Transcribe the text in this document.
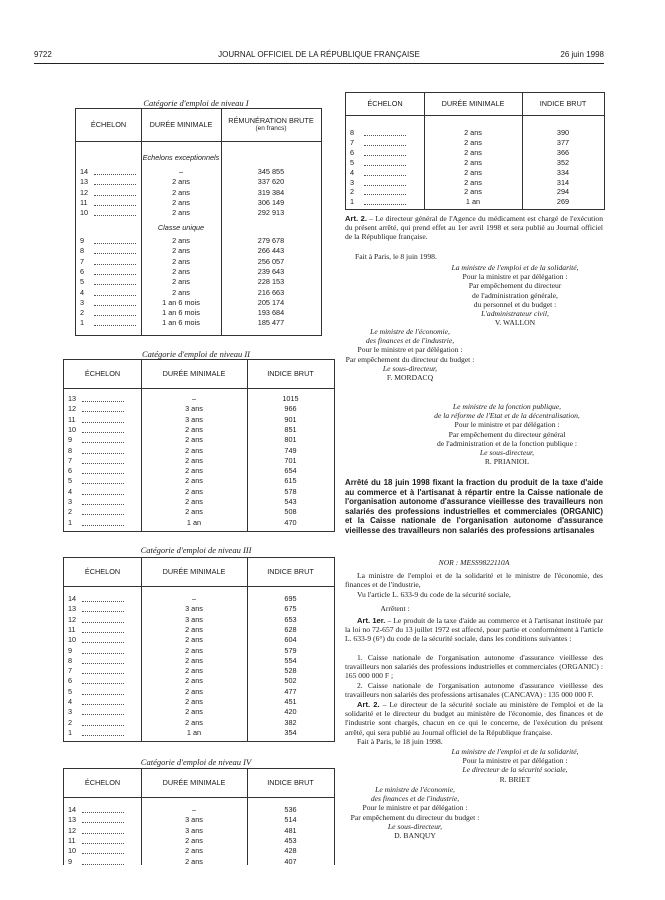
9722	JOURNAL OFFICIEL DE LA RÉPUBLIQUE FRANÇAISE	26 juin 1998
Catégorie d'emploi de niveau I
ÉCHELON	DURÉE MINIMALE	RÉMUNÉRATION BRUTE
(en francs)
Echelons exceptionnels
14	–	345 855
13	2 ans	337 620
12	2 ans	319 384
11	2 ans	306 149
10	2 ans	292 913
Classe unique
9	2 ans	279 678
8	2 ans	266 443
7	2 ans	256 057
6	2 ans	239 643
5	2 ans	228 153
4	2 ans	216 663
3	1 an 6 mois	205 174
2	1 an 6 mois	193 684
1	1 an 6 mois	185 477
Catégorie d'emploi de niveau II
ÉCHELON	DURÉE MINIMALE	INDICE BRUT
13	–	1015
12	3 ans	966
11	3 ans	901
10	2 ans	851
9	2 ans	801
8	2 ans	749
7	2 ans	701
6	2 ans	654
5	2 ans	615
4	2 ans	578
3	2 ans	543
2	2 ans	508
1	1 an	470
Catégorie d'emploi de niveau III
ÉCHELON	DURÉE MINIMALE	INDICE BRUT
14	–	695
13	3 ans	675
12	3 ans	653
11	2 ans	628
10	2 ans	604
9	2 ans	579
8	2 ans	554
7	2 ans	528
6	2 ans	502
5	2 ans	477
4	2 ans	451
3	2 ans	420
2	2 ans	382
1	1 an	354
Catégorie d'emploi de niveau IV
ÉCHELON	DURÉE MINIMALE	INDICE BRUT
14	–	536
13	3 ans	514
12	3 ans	481
11	2 ans	453
10	2 ans	428
9	2 ans	407
ÉCHELON	DURÉE MINIMALE	INDICE BRUT
8	2 ans	390
7	2 ans	377
6	2 ans	366
5	2 ans	352
4	2 ans	334
3	2 ans	314
2	2 ans	294
1	1 an	269
Art. 2. – Le directeur général de l'Agence du médicament est chargé de l'exécution du présent arrêté, qui prend effet au 1er avril 1998 et sera publié au Journal officiel de la République française.
Fait à Paris, le 8 juin 1998.
La ministre de l'emploi et de la solidarité,
Pour la ministre et par délégation :
Par empêchement du directeur
de l'administration générale,
du personnel et du budget :
L'administrateur civil,
V. WALLON
Le ministre de l'économie,
des finances et de l'industrie,
Pour le ministre et par délégation :
Par empêchement du directeur du budget :
Le sous-directeur,
F. MORDACQ
Le ministre de la fonction publique,
de la réforme de l'Etat et de la décentralisation,
Pour le ministre et par délégation :
Par empêchement du directeur général
de l'administration et de la fonction publique :
Le sous-directeur,
R. PRIANIOL
Arrêté du 18 juin 1998 fixant la fraction du produit de la taxe d'aide au commerce et à l'artisanat à répartir entre la Caisse nationale de l'organisation autonome d'assurance vieillesse des travailleurs non salariés des professions industrielles et commerciales (ORGANIC) et la Caisse nationale de l'organisation autonome d'assurance vieillesse des travailleurs non salariés des professions artisanales
NOR : MESS9822110A
La ministre de l'emploi et de la solidarité et le ministre de l'économie, des finances et de l'industrie,
Vu l'article L. 633-9 du code de la sécurité sociale,
Arrêtent :
Art. 1er. – Le produit de la taxe d'aide au commerce et à l'artisanat instituée par la loi no 72-657 du 13 juillet 1972 est affecté, pour partie et conformément à l'article L. 633-9 (6°) du code de la sécurité sociale, dans les conditions suivantes :
1. Caisse nationale de l'organisation autonome d'assurance vieillesse des travailleurs non salariés des professions industrielles et commerciales (ORGANIC) : 165 000 000 F ;
2. Caisse nationale de l'organisation autonome d'assurance vieillesse des travailleurs non salariés des professions artisanales (CANCAVA) : 135 000 000 F.
Art. 2. – Le directeur de la sécurité sociale au ministère de l'emploi et de la solidarité et le directeur du budget au ministère de l'économie, des finances et de l'industrie sont chargés, chacun en ce qui le concerne, de l'exécution du présent arrêté, qui sera publié au Journal officiel de la République française.
Fait à Paris, le 18 juin 1998.
La ministre de l'emploi et de la solidarité,
Pour la ministre et par délégation :
Le directeur de la sécurité sociale,
R. BRIET
Le ministre de l'économie,
des finances et de l'industrie,
Pour le ministre et par délégation :
Par empêchement du directeur du budget :
Le sous-directeur,
D. BANQUY
